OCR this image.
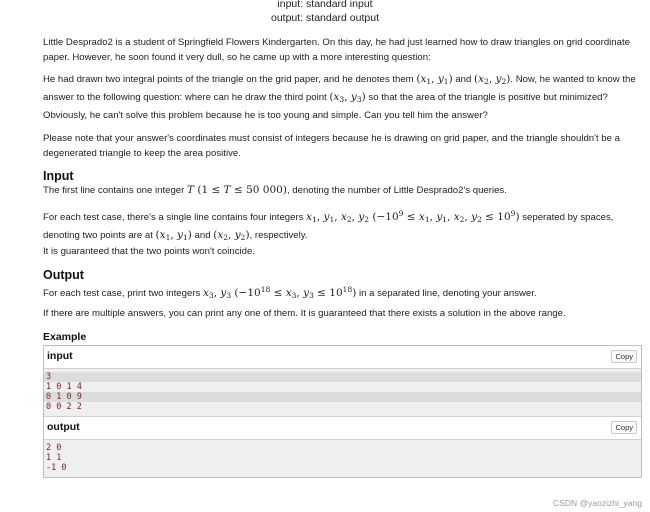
input: standard input
output: standard output

Little Desprado2 is a student of Springfield Flowers Kindergarten. On this day, he had just learned how to draw triangles on grid coordinate paper. However, he soon found it very dull, so he came up with a more interesting question:

He had drawn two integral points of the triangle on the grid paper, and he denotes them ($x_1$, $y_1$) and ($x_2$, $y_2$). Now, he wanted to know the answer to the following question: where can he draw the third point ($x_3$, $y_3$) so that the area of the triangle is positive but minimized?

Obviously, he can't solve this problem because he is too young and simple. Can you tell him the answer?

Please note that your answer's coordinates must consist of integers because he is drawing on grid paper, and the triangle shouldn't be a degenerated triangle to keep the area positive.

Input

The first line contains one integer T (1 ≤ T ≤ 50 000), denoting the number of Little Desprado2's queries.

For each test case, there's a single line contains four integers $x_1$, $y_1$, $x_2$, $y_2$ ($-10^9 \le x_1$, $y_1$, $x_2$, $y_2 \le 10^9$) seperated by spaces, denoting two points are at ($x_1$, $y_1$) and ($x_2$, $y_2$), respectively.

It is guaranteed that the two points won't coincide.

Output

For each test case, print two integers $x_3$, $y_3$ ($-10^{18} \le x_3$, $y_3 \le 10^{18}$) in a separated line, denoting your answer.

If there are multiple answers, you can print any one of them. It is guaranteed that there exists a solution in the above range.

Example
input	Copy
3
1 0 1 4
0 1 0 9
0 0 2 2
output	Copy
2 0
1 1
-1 0
CSDN @yaozizhi_yang
